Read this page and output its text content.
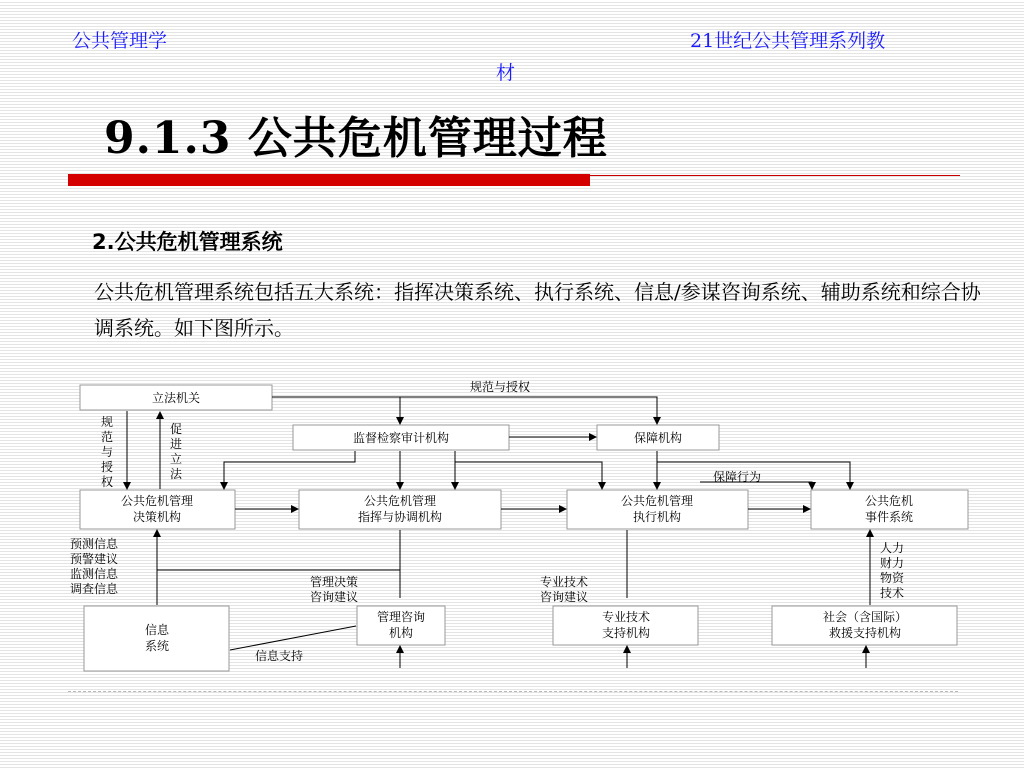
公共管理学	21世纪公共管理系列教
材
9.1.3 公共危机管理过程
2.公共危机管理系统
公共危机管理系统包括五大系统：指挥决策系统、执行系统、信息/参谋咨询系统、辅助系统和综合协调系统。如下图所示。
立法机关
监督检察审计机构	保障机构
公共危机管理
决策机构
公共危机管理
指挥与协调机构
公共危机管理
执行机构
公共危机
事件系统
信息
系统
管理咨询
机构
专业技术
支持机构
社会（含国际）
救援支持机构
规范与授权
规
范
与
授
权
促
进
立
法	保障行为
预测信息
预警建议
监测信息
调查信息	管理决策
咨询建议
专业技术
咨询建议
人力
财力
物资
技术
信息支持
